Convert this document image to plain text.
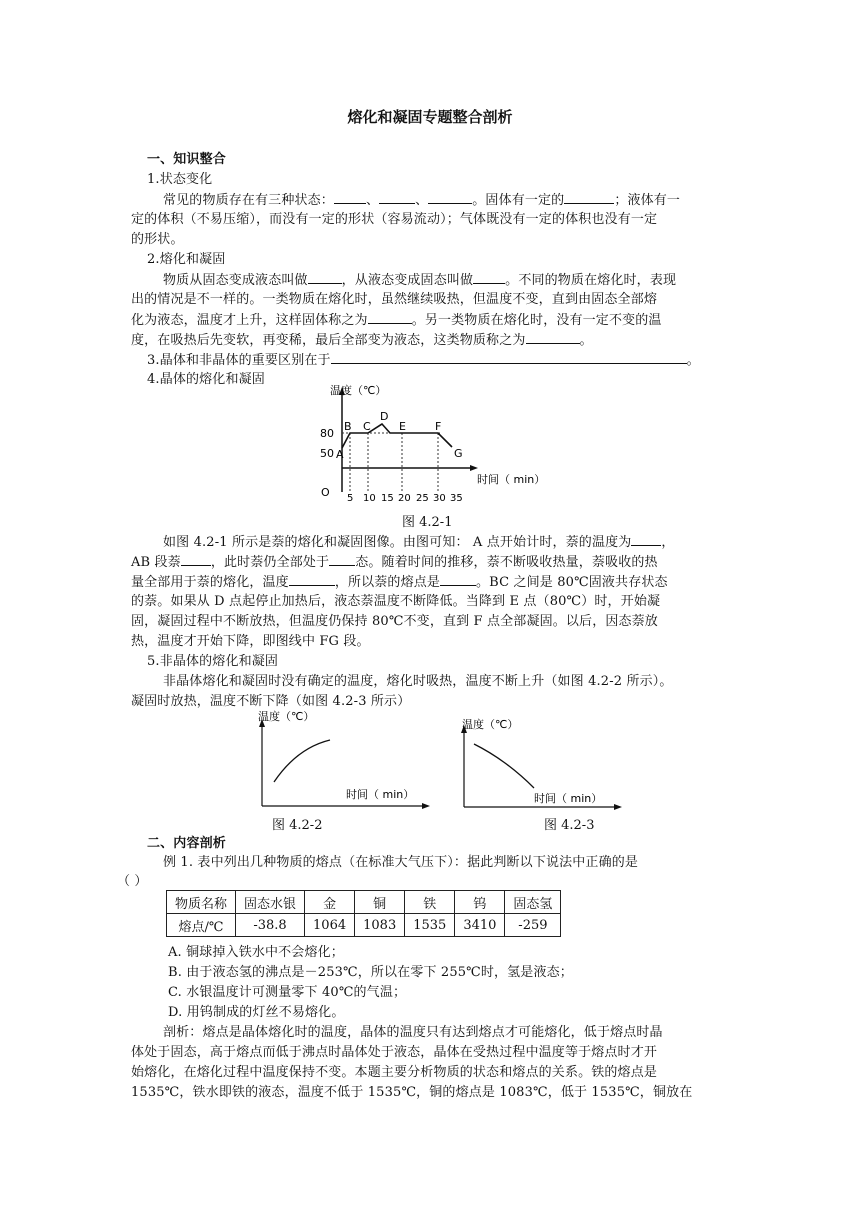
熔化和凝固专题整合剖析
一、知识整合
1.状态变化
常见的物质存在有三种状态： 、	、	。固体有一定的	；液体有一
定的体积（不易压缩），而没有一定的形状（容易流动）；气体既没有一定的体积也没有一定
的形状。
2.熔化和凝固
物质从固态变成液态叫做	，从液态变成固态叫做 。不同的物质在熔化时，表现
出的情况是不一样的。一类物质在熔化时，虽然继续吸热，但温度不变，直到由固态全部熔
化为液态，温度才上升，这样固体称之为	。另一类物质在熔化时，没有一定不变的温
度，在吸热后先变软，再变稀，最后全部变为液态，这类物质称之为	。
3.晶体和非晶体的重要区别在于	。
4.晶体的熔化和凝固
温度（℃）
时间（ min）
O
80
50 A
B C
D
E	F
G
5 10 15 20 25 30 35
图 4.2-1
如图 4.2-1 所示是萘的熔化和凝固图像。由图可知： A 点开始计时，萘的温度为 ，
AB 段萘 ，此时萘仍全部处于 态。随着时间的推移，萘不断吸收热量，萘吸收的热
量全部用于萘的熔化，温度	，所以萘的熔点是	。BC 之间是 80℃固液共存状态
的萘。如果从 D 点起停止加热后，液态萘温度不断降低。当降到 E 点（80℃）时，开始凝
固，凝固过程中不断放热，但温度仍保持 80℃不变，直到 F 点全部凝固。以后，因态萘放
热，温度才开始下降，即图线中 FG 段。
5.非晶体的熔化和凝固
非晶体熔化和凝固时没有确定的温度，熔化时吸热，温度不断上升（如图 4.2-2 所示）。
凝固时放热，温度不断下降（如图 4.2-3 所示）
温度（℃）
时间（ min）
温度（℃）
时间（ min）
图 4.2-2	图 4.2-3
二、内容剖析
例 1. 表中列出几种物质的熔点（在标准大气压下）：据此判断以下说法中正确的是
（ ）
物质名称	固态水银	金	铜	铁	钨	固态氢
熔点/℃	-38.8	1064	1083	1535	3410	-259
A. 铜球掉入铁水中不会熔化；
B. 由于液态氢的沸点是－253℃，所以在零下 255℃时，氢是液态；
C. 水银温度计可测量零下 40℃的气温；
D. 用钨制成的灯丝不易熔化。
剖析：熔点是晶体熔化时的温度，晶体的温度只有达到熔点才可能熔化，低于熔点时晶
体处于固态，高于熔点而低于沸点时晶体处于液态，晶体在受热过程中温度等于熔点时才开
始熔化，在熔化过程中温度保持不变。本题主要分析物质的状态和熔点的关系。铁的熔点是
1535℃，铁水即铁的液态，温度不低于 1535℃，铜的熔点是 1083℃，低于 1535℃，铜放在
